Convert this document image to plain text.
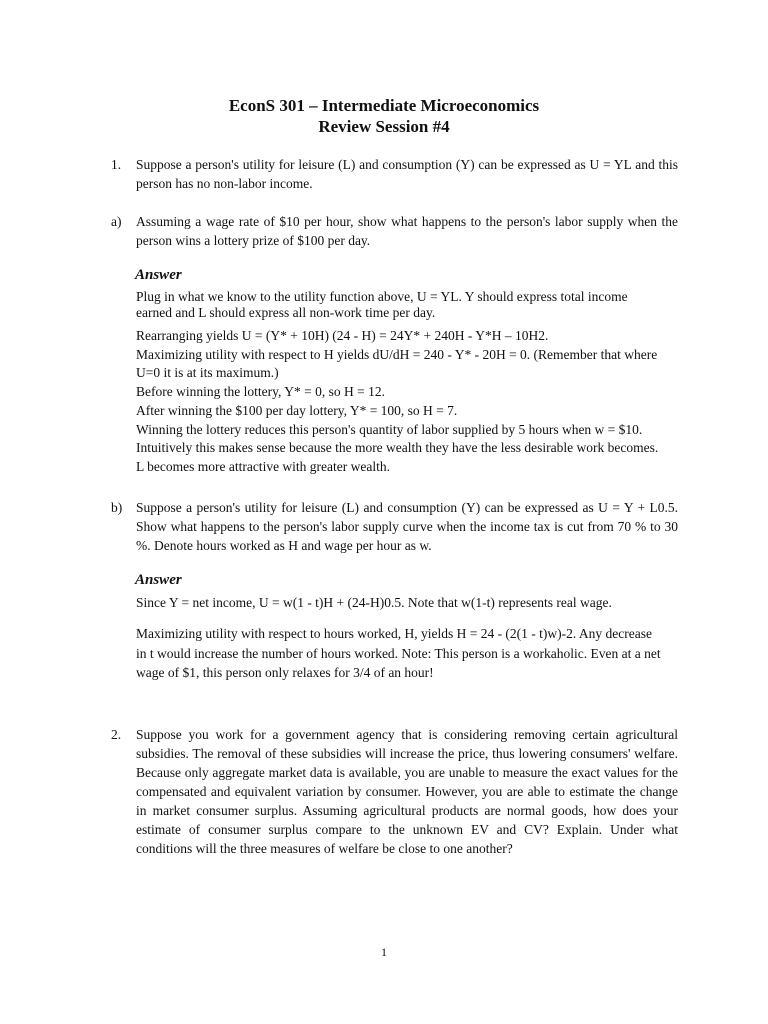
EconS 301 – Intermediate Microeconomics
Review Session #4
1. Suppose a person's utility for leisure (L) and consumption (Y) can be expressed as U = YL and this person has no non-labor income.
a) Assuming a wage rate of $10 per hour, show what happens to the person's labor supply when the person wins a lottery prize of $100 per day.
Answer
Plug in what we know to the utility function above, U = YL. Y should express total income
earned and L should express all non-work time per day.
Rearranging yields U = (Y* + 10H) (24 - H) = 24Y* + 240H - Y*H – 10H2.
Maximizing utility with respect to H yields dU/dH = 240 - Y* - 20H = 0. (Remember that where
U=0 it is at its maximum.)
Before winning the lottery, Y* = 0, so H = 12.
After winning the $100 per day lottery, Y* = 100, so H = 7.
Winning the lottery reduces this person's quantity of labor supplied by 5 hours when w = $10.
Intuitively this makes sense because the more wealth they have the less desirable work becomes.
L becomes more attractive with greater wealth.
b) Suppose a person's utility for leisure (L) and consumption (Y) can be expressed as U = Y + L0.5. Show what happens to the person's labor supply curve when the income tax is cut from 70 % to 30 %. Denote hours worked as H and wage per hour as w.
Answer
Since Y = net income, U = w(1 - t)H + (24-H)0.5. Note that w(1-t) represents real wage.
Maximizing utility with respect to hours worked, H, yields H = 24 - (2(1 - t)w)-2. Any decrease
in t would increase the number of hours worked. Note: This person is a workaholic. Even at a net
wage of $1, this person only relaxes for 3/4 of an hour!
2. Suppose you work for a government agency that is considering removing certain agricultural subsidies. The removal of these subsidies will increase the price, thus lowering consumers' welfare. Because only aggregate market data is available, you are unable to measure the exact values for the compensated and equivalent variation by consumer. However, you are able to estimate the change in market consumer surplus. Assuming agricultural products are normal goods, how does your estimate of consumer surplus compare to the unknown EV and CV? Explain. Under what conditions will the three measures of welfare be close to one another?
1
